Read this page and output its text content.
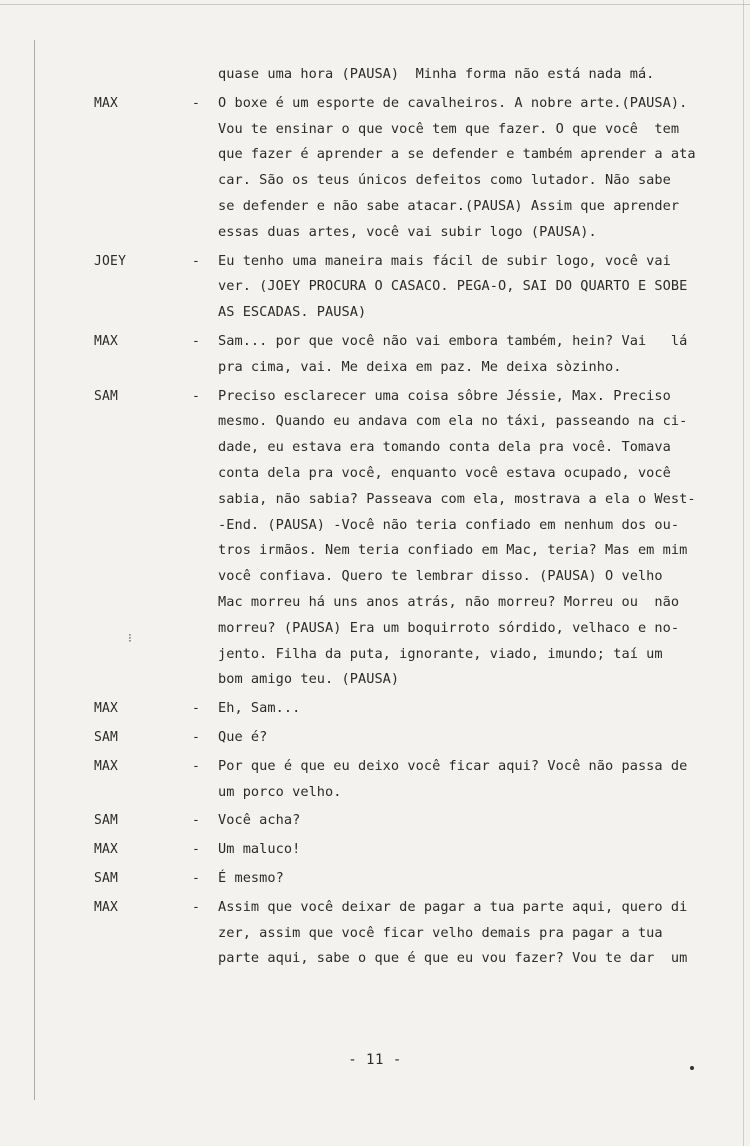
quase uma hora (PAUSA)  Minha forma não está nada má.
MAX	-	O boxe é um esporte de cavalheiros. A nobre arte.(PAUSA).
Vou te ensinar o que você tem que fazer. O que você  tem
que fazer é aprender a se defender e também aprender a ata
car. São os teus únicos defeitos como lutador. Não sabe
se defender e não sabe atacar.(PAUSA) Assim que aprender
essas duas artes, você vai subir logo (PAUSA).
JOEY	-	Eu tenho uma maneira mais fácil de subir logo, você vai
ver. (JOEY PROCURA O CASACO. PEGA-O, SAI DO QUARTO E SOBE
AS ESCADAS. PAUSA)
MAX	-	Sam... por que você não vai embora também, hein? Vai   lá
pra cima, vai. Me deixa em paz. Me deixa sòzinho.
SAM	-	Preciso esclarecer uma coisa sôbre Jéssie, Max. Preciso
mesmo. Quando eu andava com ela no táxi, passeando na ci-
dade, eu estava era tomando conta dela pra você. Tomava
conta dela pra você, enquanto você estava ocupado, você
sabia, não sabia? Passeava com ela, mostrava a ela o West-
-End. (PAUSA) -Você não teria confiado em nenhum dos ou-
tros irmãos. Nem teria confiado em Mac, teria? Mas em mim
você confiava. Quero te lembrar disso. (PAUSA) O velho
Mac morreu há uns anos atrás, não morreu? Morreu ou  não
morreu? (PAUSA) Era um boquirroto sórdido, velhaco e no-
jento. Filha da puta, ignorante, viado, imundo; taí um
bom amigo teu. (PAUSA)
MAX	-	Eh, Sam...
SAM	-	Que é?
MAX	-	Por que é que eu deixo você ficar aqui? Você não passa de
um porco velho.
SAM	-	Você acha?
MAX	-	Um maluco!
SAM	-	É mesmo?
MAX	-	Assim que você deixar de pagar a tua parte aqui, quero di
zer, assim que você ficar velho demais pra pagar a tua
parte aqui, sabe o que é que eu vou fazer? Vou te dar  um
⁝
- 11 -
